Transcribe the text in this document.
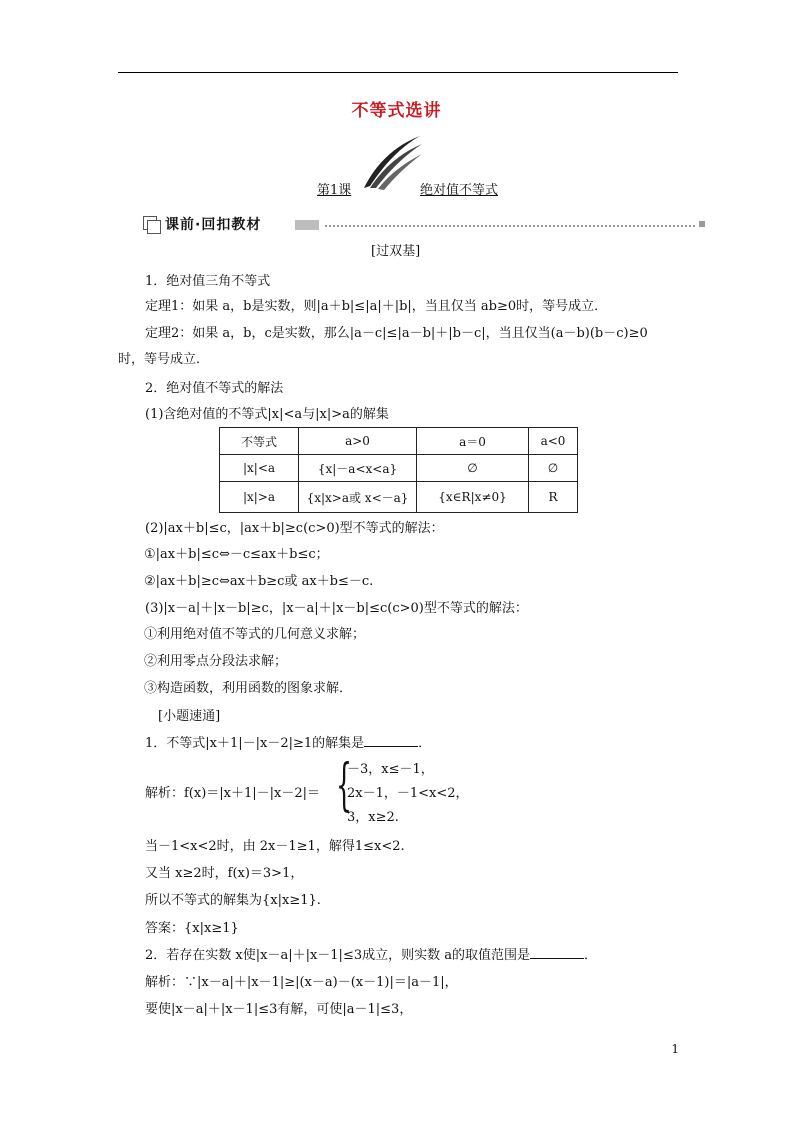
不等式选讲
第1课	绝对值不等式
课前·回扣教材
[过双基]
1．绝对值三角不等式
定理1：如果 a，b是实数，则|a＋b|≤|a|＋|b|，当且仅当 ab≥0时，等号成立．
定理2：如果 a，b，c是实数，那么|a－c|≤|a－b|＋|b－c|，当且仅当(a－b)(b－c)≥0
时，等号成立．
2．绝对值不等式的解法
(1)含绝对值的不等式|x|<a与|x|>a的解集
不等式	a>0	a＝0	a<0
|x|<a	{x|－a<x<a}	∅	∅
|x|>a	{x|x>a或 x<－a}	{x∈R|x≠0}	R
(2)|ax＋b|≤c，|ax＋b|≥c(c>0)型不等式的解法：
①|ax＋b|≤c⇔－c≤ax＋b≤c；
②|ax＋b|≥c⇔ax＋b≥c或 ax＋b≤－c.
(3)|x－a|＋|x－b|≥c，|x－a|＋|x－b|≤c(c>0)型不等式的解法：
①利用绝对值不等式的几何意义求解；
②利用零点分段法求解；
③构造函数，利用函数的图象求解．
[小题速通]
1．不等式|x＋1|－|x－2|≥1的解集是	．
解析：f(x)＝|x＋1|－|x－2|＝ {
－3，x≤－1，
2x－1，－1<x<2，
3，x≥2.
当－1<x<2时，由 2x－1≥1，解得1≤x<2.
又当 x≥2时，f(x)＝3>1，
所以不等式的解集为{x|x≥1}.
答案：{x|x≥1}
2．若存在实数 x使|x－a|＋|x－1|≤3成立，则实数 a的取值范围是	．
解析：∵|x－a|＋|x－1|≥|(x－a)－(x－1)|＝|a－1|，
要使|x－a|＋|x－1|≤3有解，可使|a－1|≤3，
1
